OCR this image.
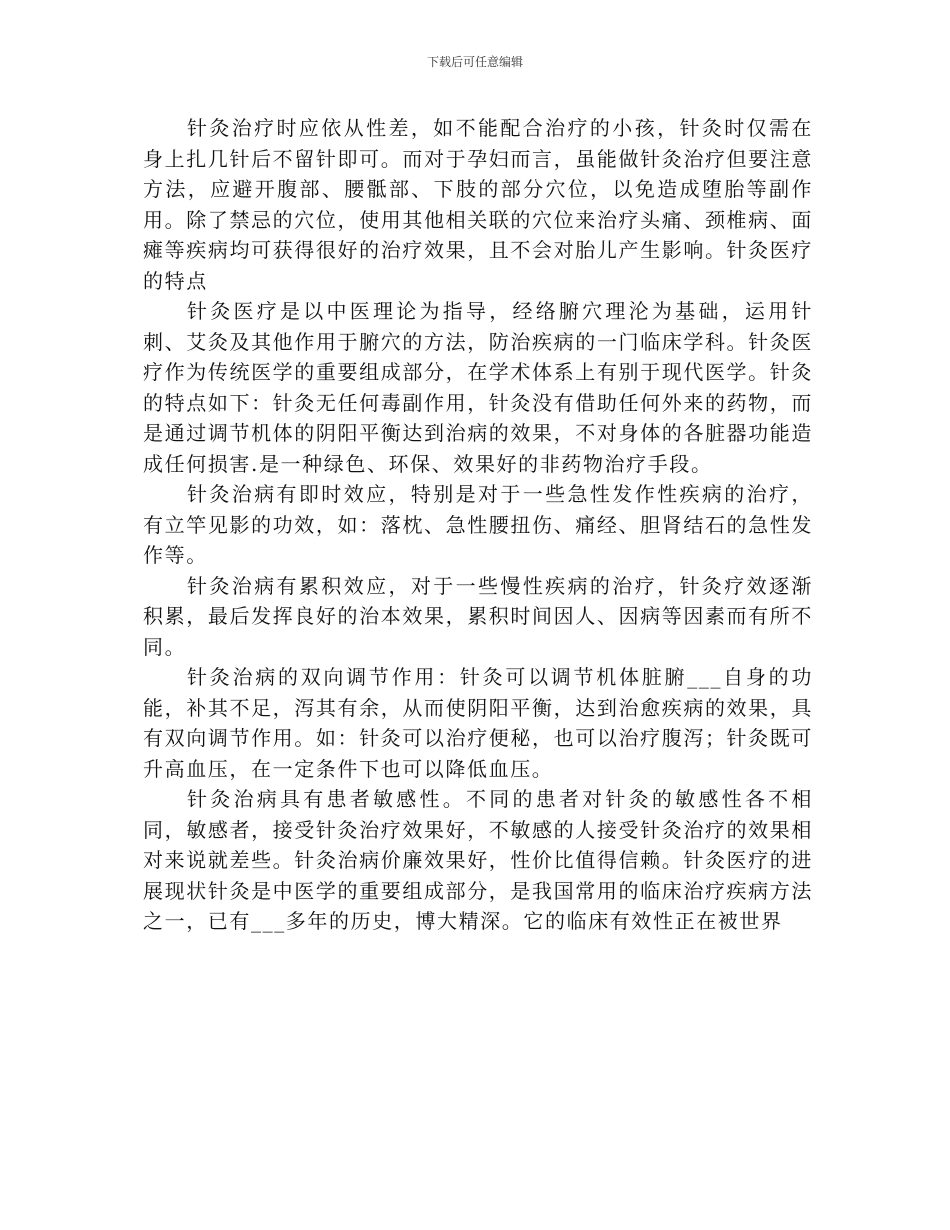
下载后可任意编辑

针灸治疗时应依从性差，如不能配合治疗的小孩，针灸时仅需在身上扎几针后不留针即可。而对于孕妇而言，虽能做针灸治疗但要注意方法，应避开腹部、腰骶部、下肢的部分穴位，以免造成堕胎等副作用。除了禁忌的穴位，使用其他相关联的穴位来治疗头痛、颈椎病、面瘫等疾病均可获得很好的治疗效果，且不会对胎儿产生影响。针灸医疗的特点

针灸医疗是以中医理论为指导，经络腑穴理沦为基础，运用针刺、艾灸及其他作用于腑穴的方法，防治疾病的一门临床学科。针灸医疗作为传统医学的重要组成部分，在学术体系上有别于现代医学。针灸的特点如下：针灸无任何毒副作用，针灸没有借助任何外来的药物，而是通过调节机体的阴阳平衡达到治病的效果，不对身体的各脏器功能造成任何损害.是一种绿色、环保、效果好的非药物治疗手段。

针灸治病有即时效应，特别是对于一些急性发作性疾病的治疗，有立竿见影的功效，如：落枕、急性腰扭伤、痛经、胆肾结石的急性发作等。

针灸治病有累积效应，对于一些慢性疾病的治疗，针灸疗效逐渐积累，最后发挥良好的治本效果，累积时间因人、因病等因素而有所不同。

针灸治病的双向调节作用：针灸可以调节机体脏腑___自身的功能，补其不足，泻其有余，从而使阴阳平衡，达到治愈疾病的效果，具有双向调节作用。如：针灸可以治疗便秘，也可以治疗腹泻；针灸既可升高血压，在一定条件下也可以降低血压。

针灸治病具有患者敏感性。不同的患者对针灸的敏感性各不相同，敏感者，接受针灸治疗效果好，不敏感的人接受针灸治疗的效果相对来说就差些。针灸治病价廉效果好，性价比值得信赖。针灸医疗的进展现状针灸是中医学的重要组成部分，是我国常用的临床治疗疾病方法之一，已有___多年的历史，博大精深。它的临床有效性正在被世界
